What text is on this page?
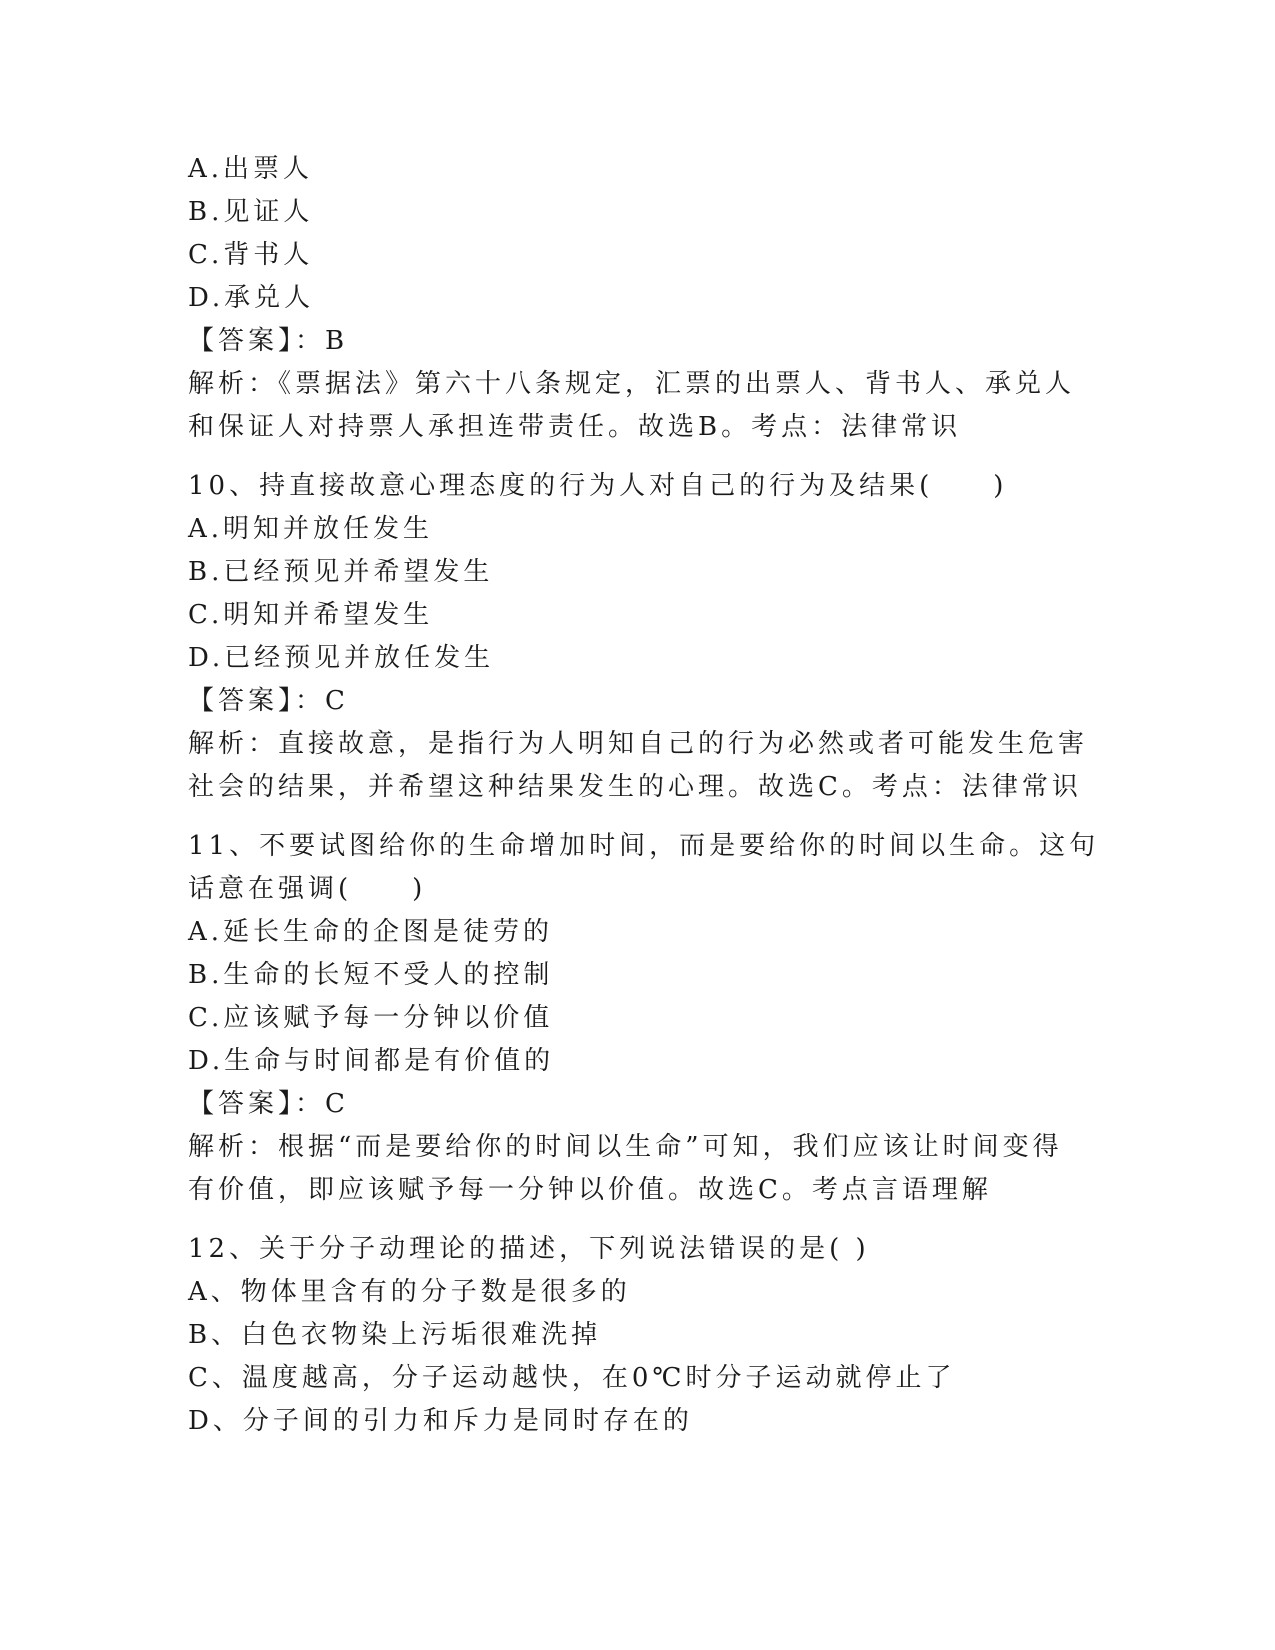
A.出票人
B.见证人
C.背书人
D.承兑人
【答案】：B
解析：《票据法》第六十八条规定，汇票的出票人、背书人、承兑人
和保证人对持票人承担连带责任。故选B。考点：法律常识
10、持直接故意心理态度的行为人对自己的行为及结果(　　)
A.明知并放任发生
B.已经预见并希望发生
C.明知并希望发生
D.已经预见并放任发生
【答案】：C
解析：直接故意，是指行为人明知自己的行为必然或者可能发生危害
社会的结果，并希望这种结果发生的心理。故选C。考点：法律常识
11、不要试图给你的生命增加时间，而是要给你的时间以生命。这句
话意在强调(　　)
A.延长生命的企图是徒劳的
B.生命的长短不受人的控制
C.应该赋予每一分钟以价值
D.生命与时间都是有价值的
【答案】：C
解析：根据“而是要给你的时间以生命”可知，我们应该让时间变得
有价值，即应该赋予每一分钟以价值。故选C。考点言语理解
12、关于分子动理论的描述，下列说法错误的是( )
A、物体里含有的分子数是很多的
B、白色衣物染上污垢很难洗掉
C、温度越高，分子运动越快，在0℃时分子运动就停止了
D、分子间的引力和斥力是同时存在的
